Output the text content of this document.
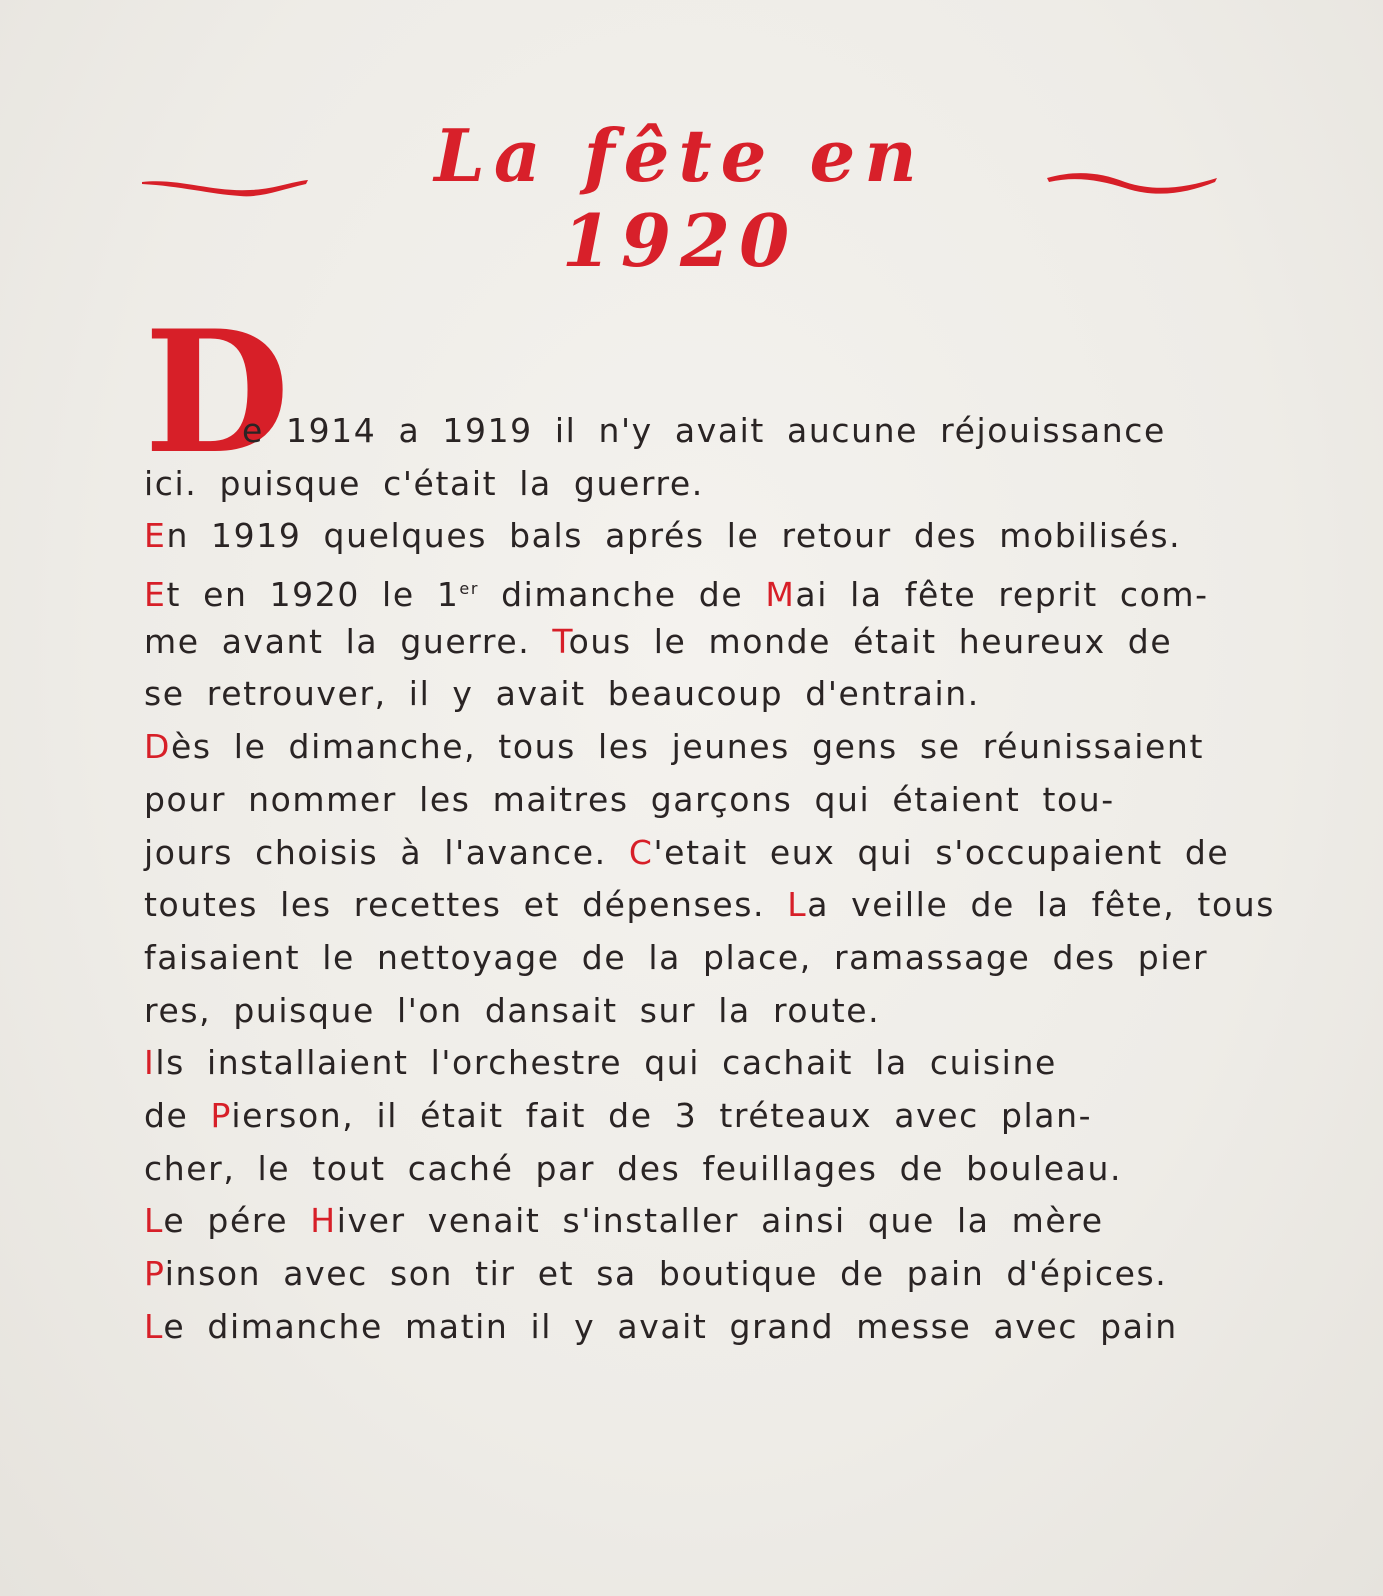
La fête en 1920
D
e 1914 a 1919 il n'y avait aucune réjouissance
ici. puisque c'était la guerre.
En 1919 quelques bals aprés le retour des mobilisés.
Et en 1920 le 1er dimanche de Mai la fête reprit com-
me avant la guerre. Tous le monde était heureux de
se retrouver, il y avait beaucoup d'entrain.
Dès le dimanche, tous les jeunes gens se réunissaient
pour nommer les maitres garçons qui étaient tou-
jours choisis à l'avance. C'etait eux qui s'occupaient de
toutes les recettes et dépenses. La veille de la fête, tous
faisaient le nettoyage de la place, ramassage des pier
res, puisque l'on dansait sur la route.
Ils installaient l'orchestre qui cachait la cuisine
de Pierson, il était fait de 3 tréteaux avec plan-
cher, le tout caché par des feuillages de bouleau.
Le pére Hiver venait s'installer ainsi que la mère
Pinson avec son tir et sa boutique de pain d'épices.
Le dimanche matin il y avait grand messe avec pain
